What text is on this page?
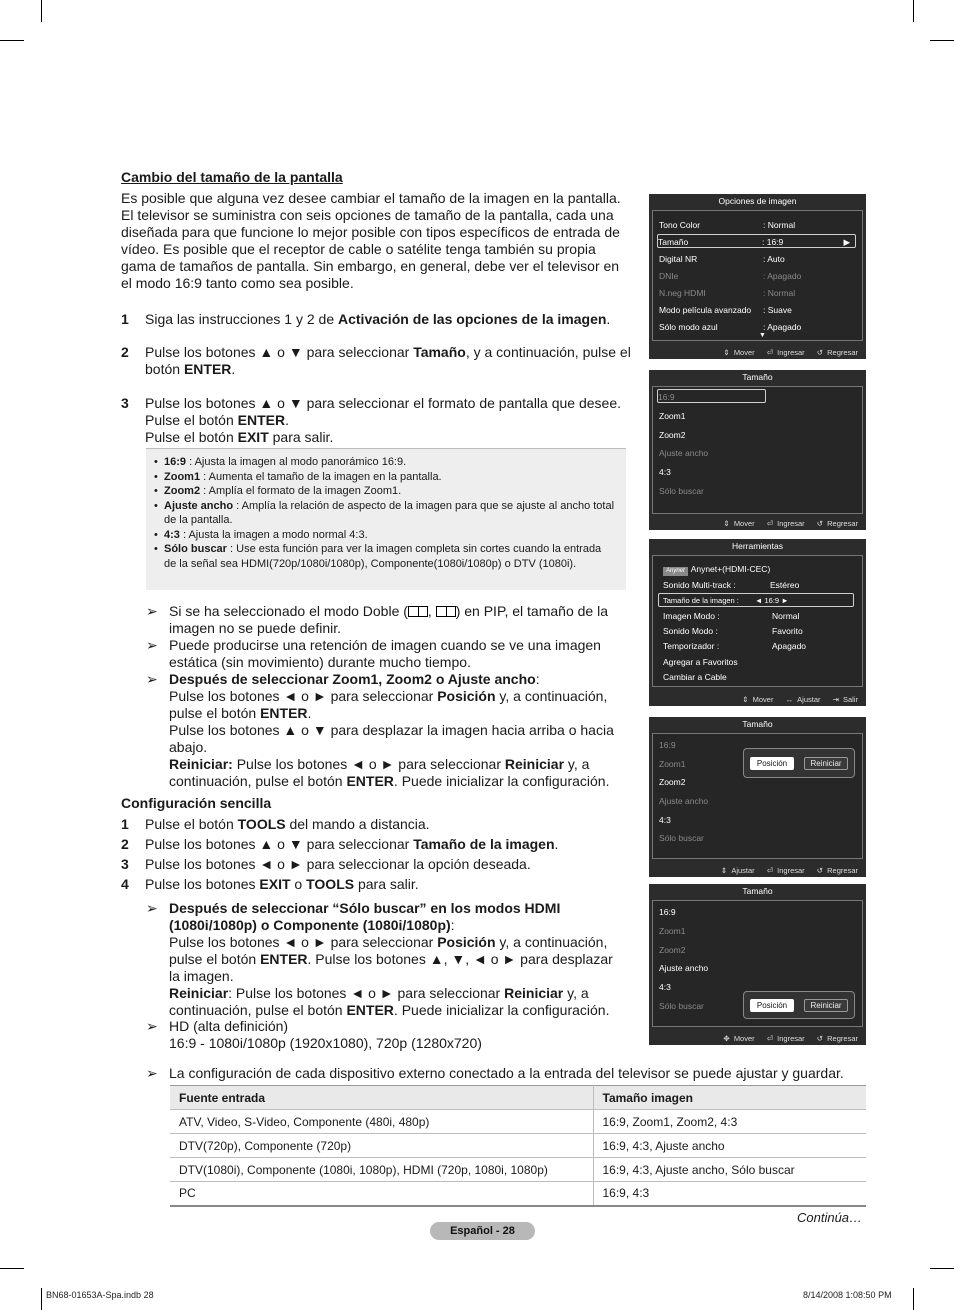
Cambio del tamaño de la pantalla
Es posible que alguna vez desee cambiar el tamaño de la imagen en la pantalla. El televisor se suministra con seis opciones de tamaño de la pantalla, cada una diseñada para que funcione lo mejor posible con tipos específicos de entrada de vídeo. Es posible que el receptor de cable o satélite tenga también su propia gama de tamaños de pantalla. Sin embargo, en general, debe ver el televisor en el modo 16:9 tanto como sea posible.
1 Siga las instrucciones 1 y 2 de Activación de las opciones de la imagen.
2 Pulse los botones ▲ o ▼ para seleccionar Tamaño, y a continuación, pulse el botón ENTER.
3 Pulse los botones ▲ o ▼ para seleccionar el formato de pantalla que desee.
Pulse el botón ENTER.
Pulse el botón EXIT para salir.
• 16:9 : Ajusta la imagen al modo panorámico 16:9.
• Zoom1 : Aumenta el tamaño de la imagen en la pantalla.
• Zoom2 : Amplía el formato de la imagen Zoom1.
• Ajuste ancho : Amplía la relación de aspecto de la imagen para que se ajuste al ancho total de la pantalla.
• 4:3 : Ajusta la imagen a modo normal 4:3.
• Sólo buscar : Use esta función para ver la imagen completa sin cortes cuando la entrada de la señal sea HDMI(720p/1080i/1080p), Componente(1080i/1080p) o DTV (1080i).
➢ Si se ha seleccionado el modo Doble ( , ) en PIP, el tamaño de la imagen no se puede definir.
➢ Puede producirse una retención de imagen cuando se ve una imagen estática (sin movimiento) durante mucho tiempo.
➢ Después de seleccionar Zoom1, Zoom2 o Ajuste ancho:
Pulse los botones ◄ o ► para seleccionar Posición y, a continuación, pulse el botón ENTER.
Pulse los botones ▲ o ▼ para desplazar la imagen hacia arriba o hacia abajo.
Reiniciar: Pulse los botones ◄ o ► para seleccionar Reiniciar y, a continuación, pulse el botón ENTER. Puede inicializar la configuración.
Configuración sencilla
1 Pulse el botón TOOLS del mando a distancia.
2 Pulse los botones ▲ o ▼ para seleccionar Tamaño de la imagen.
3 Pulse los botones ◄ o ► para seleccionar la opción deseada.
4 Pulse los botones EXIT o TOOLS para salir.
➢ Después de seleccionar “Sólo buscar” en los modos HDMI (1080i/1080p) o Componente (1080i/1080p):
Pulse los botones ◄ o ► para seleccionar Posición y, a continuación, pulse el botón ENTER. Pulse los botones ▲, ▼, ◄ o ► para desplazar la imagen.
Reiniciar: Pulse los botones ◄ o ► para seleccionar Reiniciar y, a continuación, pulse el botón ENTER. Puede inicializar la configuración.
➢ HD (alta definición)
16:9 - 1080i/1080p (1920x1080), 720p (1280x720)
➢ La configuración de cada dispositivo externo conectado a la entrada del televisor se puede ajustar y guardar.
Fuente entrada	Tamaño imagen
ATV, Video, S-Video, Componente (480i, 480p)	16:9, Zoom1, Zoom2, 4:3
DTV(720p), Componente (720p)	16:9, 4:3, Ajuste ancho
DTV(1080i), Componente (1080i, 1080p), HDMI (720p, 1080i, 1080p)	16:9, 4:3, Ajuste ancho, Sólo buscar
PC	16:9, 4:3
Continúa…
Español - 28
BN68-01653A-Spa.indb 28	8/14/2008 1:08:50 PM
Opciones de imagen
Tono Color	: Normal
Tamaño	: 16:9	▶
Digital NR	: Auto
DNIe	: Apagado
N.neg HDMI	: Normal
Modo película avanzado : Suave
Sólo modo azul	: Apagado
▼
⇕ Mover ⏎ Ingresar ↺ Regresar
Tamaño
16:9
Zoom1
Zoom2
Ajuste ancho
4:3
Sólo buscar
⇕ Mover ⏎ Ingresar ↺ Regresar
Herramientas
Anynet Anynet+(HDMI-CEC)
Sonido Multi-track :	Estéreo
Tamaño de la imagen : ◄ 16:9 ►
Imagen Modo :	Normal
Sonido Modo :	Favorito
Temporizador :	Apagado
Agregar a Favoritos
Cambiar a Cable
⇕ Mover ↔ Ajustar ⇥ Salir
Tamaño
16:9
Zoom1
Zoom2
Ajuste ancho
4:3
Sólo buscar
Posición	Reiniciar
⇕ Ajustar ⏎ Ingresar ↺ Regresar
Tamaño
16:9
Zoom1
Zoom2
Ajuste ancho
4:3
Sólo buscar	Posición	Reiniciar
✥ Mover ⏎ Ingresar ↺ Regresar
